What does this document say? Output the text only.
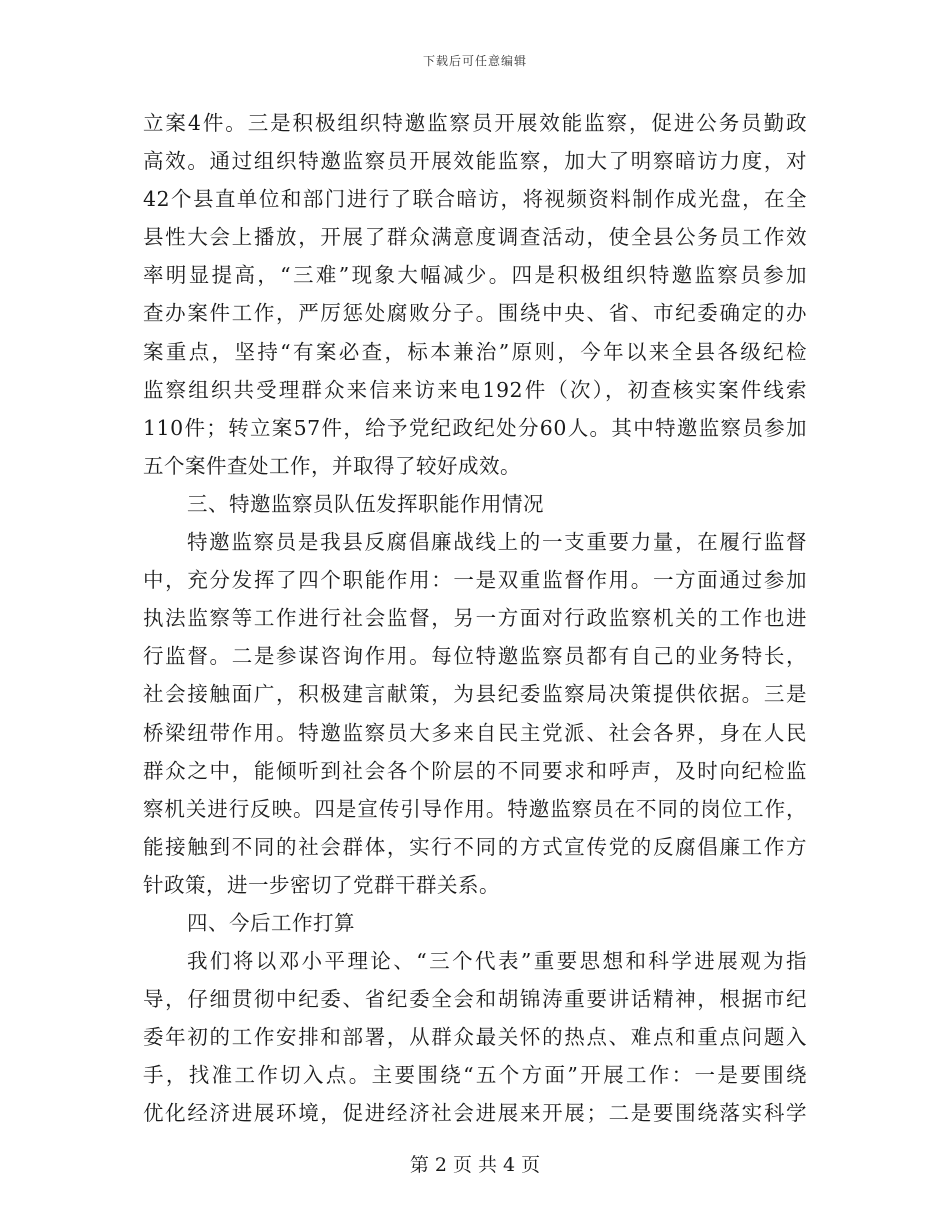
下载后可任意编辑
立案4件。三是积极组织特邀监察员开展效能监察，促进公务员勤政
高效。通过组织特邀监察员开展效能监察，加大了明察暗访力度，对
42个县直单位和部门进行了联合暗访，将视频资料制作成光盘，在全
县性大会上播放，开展了群众满意度调查活动，使全县公务员工作效
率明显提高，“三难”现象大幅减少。四是积极组织特邀监察员参加
查办案件工作，严厉惩处腐败分子。围绕中央、省、市纪委确定的办
案重点，坚持“有案必查，标本兼治”原则，今年以来全县各级纪检
监察组织共受理群众来信来访来电192件（次），初查核实案件线索
110件；转立案57件，给予党纪政纪处分60人。其中特邀监察员参加
五个案件查处工作，并取得了较好成效。
三、特邀监察员队伍发挥职能作用情况
特邀监察员是我县反腐倡廉战线上的一支重要力量，在履行监督
中，充分发挥了四个职能作用：一是双重监督作用。一方面通过参加
执法监察等工作进行社会监督，另一方面对行政监察机关的工作也进
行监督。二是参谋咨询作用。每位特邀监察员都有自己的业务特长，
社会接触面广，积极建言献策，为县纪委监察局决策提供依据。三是
桥梁纽带作用。特邀监察员大多来自民主党派、社会各界，身在人民
群众之中，能倾听到社会各个阶层的不同要求和呼声，及时向纪检监
察机关进行反映。四是宣传引导作用。特邀监察员在不同的岗位工作，
能接触到不同的社会群体，实行不同的方式宣传党的反腐倡廉工作方
针政策，进一步密切了党群干群关系。
四、今后工作打算
我们将以邓小平理论、“三个代表”重要思想和科学进展观为指
导，仔细贯彻中纪委、省纪委全会和胡锦涛重要讲话精神，根据市纪
委年初的工作安排和部署，从群众最关怀的热点、难点和重点问题入
手，找准工作切入点。主要围绕“五个方面”开展工作：一是要围绕
优化经济进展环境，促进经济社会进展来开展；二是要围绕落实科学
第 2 页 共 4 页
